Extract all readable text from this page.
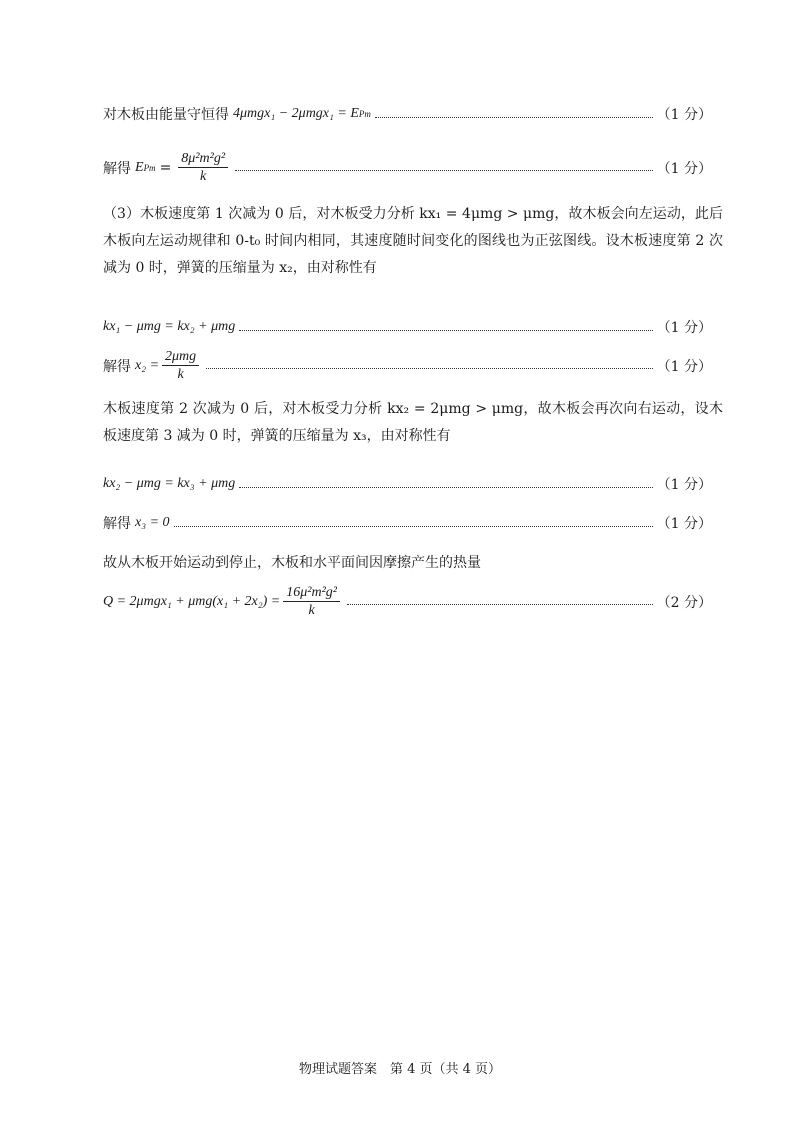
对木板由能量守恒得 4μmgx₁ − 2μmgx₁ = E Pm	（1 分）
解得 E $Pm = \frac{\text{8μ²m²g²}}{k}$	（1 分）
（3）木板速度第 1 次减为 0 后，对木板受力分析 kx₁ = 4μmg > μmg，故木板会向左运动，此后木板向左运动规律和 0-t₀ 时间内相同，其速度随时间变化的图线也为正弦图线。设木板速度第 2 次减为 0 时，弹簧的压缩量为 x₂，由对称性有
kx₁ − μmg = kx₂ + μmg	（1 分）
解得 $x_2 = \frac{\text{2μmg}}{k}$	（1 分）
木板速度第 2 次减为 0 后，对木板受力分析 kx₂ = 2μmg > μmg，故木板会再次向右运动，设木板速度第 3 减为 0 时，弹簧的压缩量为 x₃，由对称性有
kx₂ − μmg = kx₃ + μmg	（1 分）
解得 x₃ = 0	（1 分）
故从木板开始运动到停止，木板和水平面间因摩擦产生的热量
$Q = 2\mu mgx_1 + \mu mg(x_1 + 2x_2) = \frac{\text{16μ²m²g²}}{k}$	（2 分）
物理试题答案　第 4 页（共 4 页）
